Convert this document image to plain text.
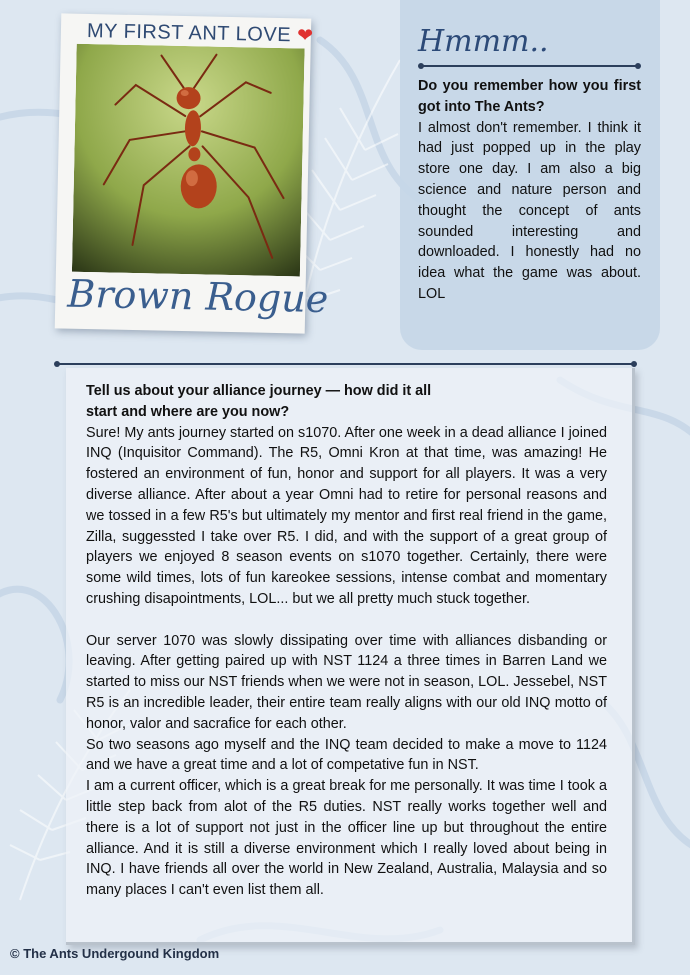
MY FIRST ANT LOVE ❤
Brown Rogue
Hmmm..
Do you remember how you first got into The Ants?
I almost don't remember. I think it had just popped up in the play store one day. I am also a big science and nature person and thought the concept of ants sounded interesting and downloaded. I honestly had no idea what the game was about. LOL

Tell us about your alliance journey — how did it all start and where are you now?

Sure! My ants journey started on s1070. After one week in a dead alliance I joined INQ (Inquisitor Command). The R5, Omni Kron at that time, was amazing! He fostered an environment of fun, honor and support for all players. It was a very diverse alliance. After about a year Omni had to retire for personal reasons and we tossed in a few R5's but ultimately my mentor and first real friend in the game, Zilla, suggessted I take over R5. I did, and with the support of a great group of players we enjoyed 8 season events on s1070 together. Certainly, there were some wild times, lots of fun kareokee sessions, intense combat and momentary crushing disapointments, LOL... but we all pretty much stuck together.

Our server 1070 was slowly dissipating over time with alliances disbanding or leaving. After getting paired up with NST 1124 a three times in Barren Land we started to miss our NST friends when we were not in season, LOL. Jessebel, NST R5 is an incredible leader, their entire team really aligns with our old INQ motto of honor, valor and sacrafice for each other.

So two seasons ago myself and the INQ team decided to make a move to 1124 and we have a great time and a lot of competative fun in NST.

I am a current officer, which is a great break for me personally. It was time I took a little step back from alot of the R5 duties. NST really works together well and there is a lot of support not just in the officer line up but throughout the entire alliance. And it is still a diverse environment which I really loved about being in INQ. I have friends all over the world in New Zealand, Australia, Malaysia and so many places I can't even list them all.

© The Ants Undergound Kingdom
